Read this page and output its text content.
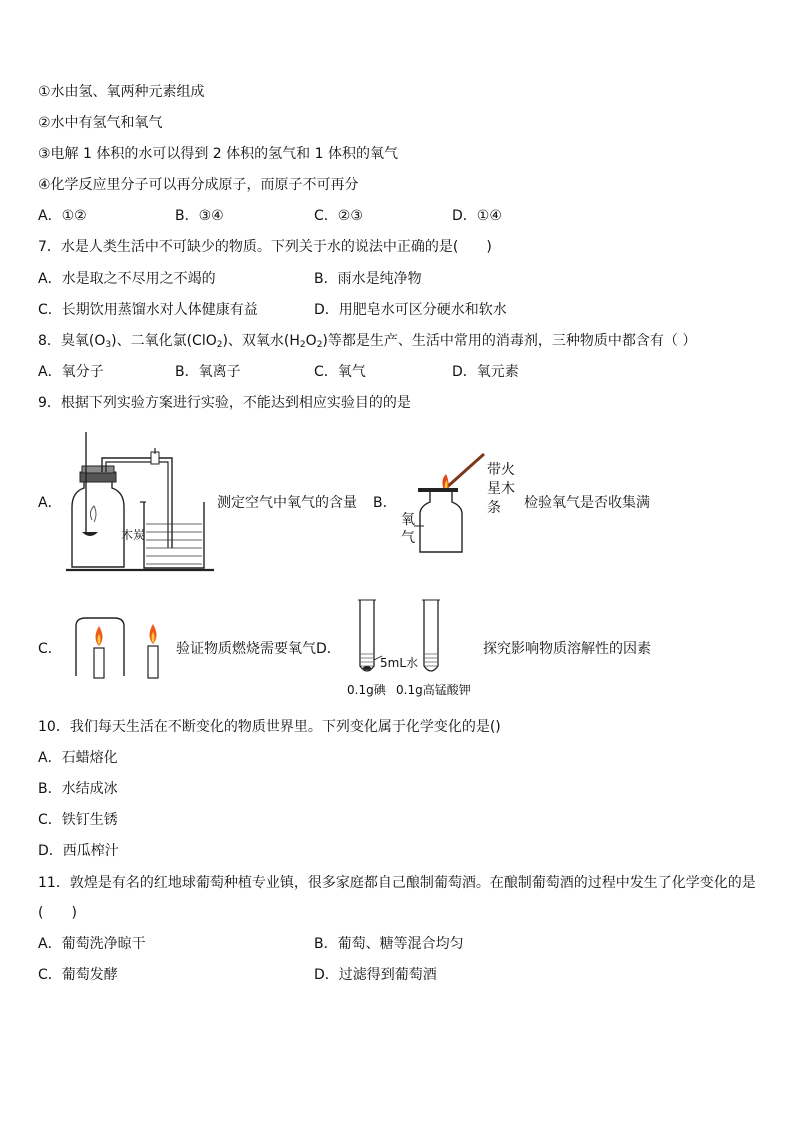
①水由氢、氧两种元素组成
②水中有氢气和氧气
③电解 1 体积的水可以得到 2 体积的氢气和 1 体积的氧气
④化学反应里分子可以再分成原子，而原子不可再分
A．①②	B．③④	C．②③	D．①④
7．水是人类生活中不可缺少的物质。下列关于水的说法中正确的是(　　)
A．水是取之不尽用之不竭的	B．雨水是纯净物
C．长期饮用蒸馏水对人体健康有益	D．用肥皂水可区分硬水和软水
8．臭氧$(O_3)$、二氧化氯(ClO$_2$)、双氧水$(H_2O_2)$等都是生产、生活中常用的消毒剂，三种物质中都含有（ ）
A．氧分子	B．氧离子	C．氧气	D．氧元素
9．根据下列实验方案进行实验，不能达到相应实验目的的是
A．
木炭
测定空气中氧气的含量 B．
带火
星木
条
氧
气
检验氧气是否收集满
C．	验证物质燃烧需要氧气 D．
5mL水
0.1g碘 0.1g高锰酸钾
探究影响物质溶解性的因素
10．我们每天生活在不断变化的物质世界里。下列变化属于化学变化的是()
A．石蜡熔化
B．水结成冰
C．铁钉生锈
D．西瓜榨汁
11．敦煌是有名的红地球葡萄种植专业镇，很多家庭都自己酿制葡萄酒。在酿制葡萄酒的过程中发生了化学变化的是
(　　)
A．葡萄洗净晾干	B．葡萄、糖等混合均匀
C．葡萄发酵	D．过滤得到葡萄酒
